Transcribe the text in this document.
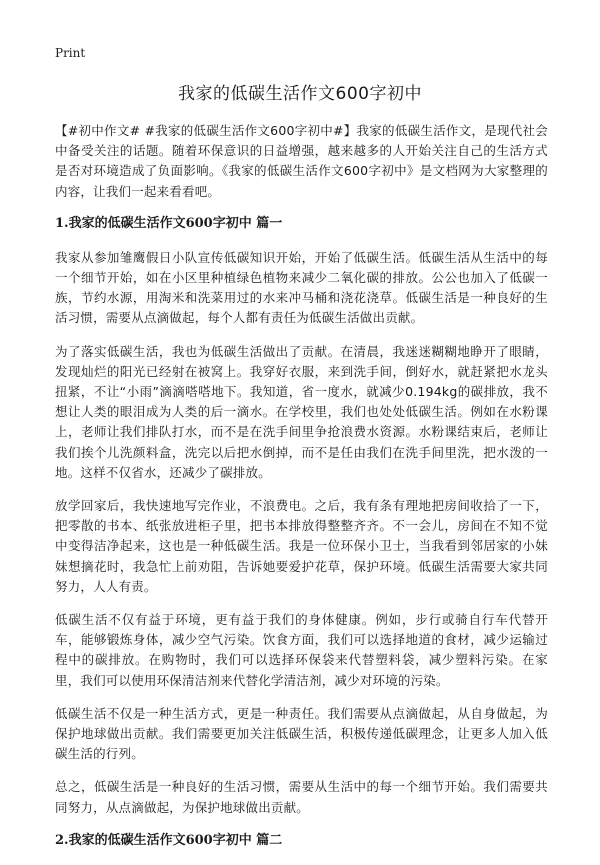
Print
我家的低碳生活作文600字初中

【#初中作文# #我家的低碳生活作文600字初中#】我家的低碳生活作文，是现代社会中备受关注的话题。随着环保意识的日益增强，越来越多的人开始关注自己的生活方式是否对环境造成了负面影响。《我家的低碳生活作文600字初中》是文档网为大家整理的内容，让我们一起来看看吧。

1.我家的低碳生活作文600字初中 篇一

我家从参加雏鹰假日小队宣传低碳知识开始，开始了低碳生活。低碳生活从生活中的每一个细节开始，如在小区里种植绿色植物来减少二氧化碳的排放。公公也加入了低碳一族，节约水源，用淘米和洗菜用过的水来冲马桶和浇花浇草。低碳生活是一种良好的生活习惯，需要从点滴做起，每个人都有责任为低碳生活做出贡献。

为了落实低碳生活，我也为低碳生活做出了贡献。在清晨，我迷迷糊糊地睁开了眼睛，发现灿烂的阳光已经射在被窝上。我穿好衣服，来到洗手间，倒好水，就赶紧把水龙头扭紧，不让“小雨”滴滴嗒嗒地下。我知道，省一度水，就减少0.194kg的碳排放，我不想让人类的眼泪成为人类的后一滴水。在学校里，我们也处处低碳生活。例如在水粉课上，老师让我们排队打水，而不是在洗手间里争抢浪费水资源。水粉课结束后，老师让我们挨个儿洗颜料盒，洗完以后把水倒掉，而不是任由我们在洗手间里洗，把水泼的一地。这样不仅省水，还减少了碳排放。

放学回家后，我快速地写完作业，不浪费电。之后，我有条有理地把房间收拾了一下，把零散的书本、纸张放进柜子里，把书本排放得整整齐齐。不一会儿，房间在不知不觉中变得洁净起来，这也是一种低碳生活。我是一位环保小卫士，当我看到邻居家的小妹妹想摘花时，我急忙上前劝阻，告诉她要爱护花草，保护环境。低碳生活需要大家共同努力，人人有责。

低碳生活不仅有益于环境，更有益于我们的身体健康。例如，步行或骑自行车代替开车，能够锻炼身体，减少空气污染。饮食方面，我们可以选择地道的食材，减少运输过程中的碳排放。在购物时，我们可以选择环保袋来代替塑料袋，减少塑料污染。在家里，我们可以使用环保清洁剂来代替化学清洁剂，减少对环境的污染。

低碳生活不仅是一种生活方式，更是一种责任。我们需要从点滴做起，从自身做起，为保护地球做出贡献。我们需要更加关注低碳生活，积极传递低碳理念，让更多人加入低碳生活的行列。

总之，低碳生活是一种良好的生活习惯，需要从生活中的每一个细节开始。我们需要共同努力，从点滴做起，为保护地球做出贡献。

2.我家的低碳生活作文600字初中 篇二
